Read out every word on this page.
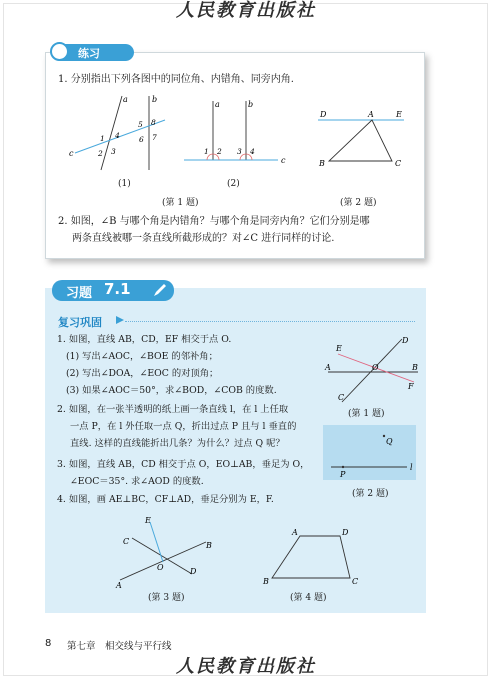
人民教育出版社
练习
1. 分别指出下列各图中的同位角、内错角、同旁内角.
a	b
c
1 4
2 3
5 8
6 7
(1)
a	b
c
1 2 3 4
(2)
(第 1 题)
D	A	E
B	C
(第 2 题)
2. 如图，∠B 与哪个角是内错角？与哪个角是同旁内角？它们分别是哪
两条直线被哪一条直线所截形成的？对∠C 进行同样的讨论.
习题 7.1
复习巩固
1. 如图，直线 AB，CD，EF 相交于点 O.
(1) 写出∠AOC，∠BOE 的邻补角；
(2) 写出∠DOA，∠EOC 的对顶角；
(3) 如果∠AOC＝50°，求∠BOD，∠COB 的度数.
E
D
A	O	B
F
C
(第 1 题)
2. 如图，在一张半透明的纸上画一条直线 l，在 l 上任取
一点 P，在 l 外任取一点 Q，折出过点 P 且与 l 垂直的
直线. 这样的直线能折出几条？为什么？过点 Q 呢？
P
Q
l
(第 2 题)
3. 如图，直线 AB，CD 相交于点 O，EO⊥AB，垂足为 O，
∠EOC＝35°. 求∠AOD 的度数.
4. 如图，画 AE⊥BC，CF⊥AD，垂足分别为 E，F.
E
C	B
O	D
A
(第 3 题)
A	D
B	C
(第 4 题)
8 第七章　相交线与平行线
人民教育出版社
